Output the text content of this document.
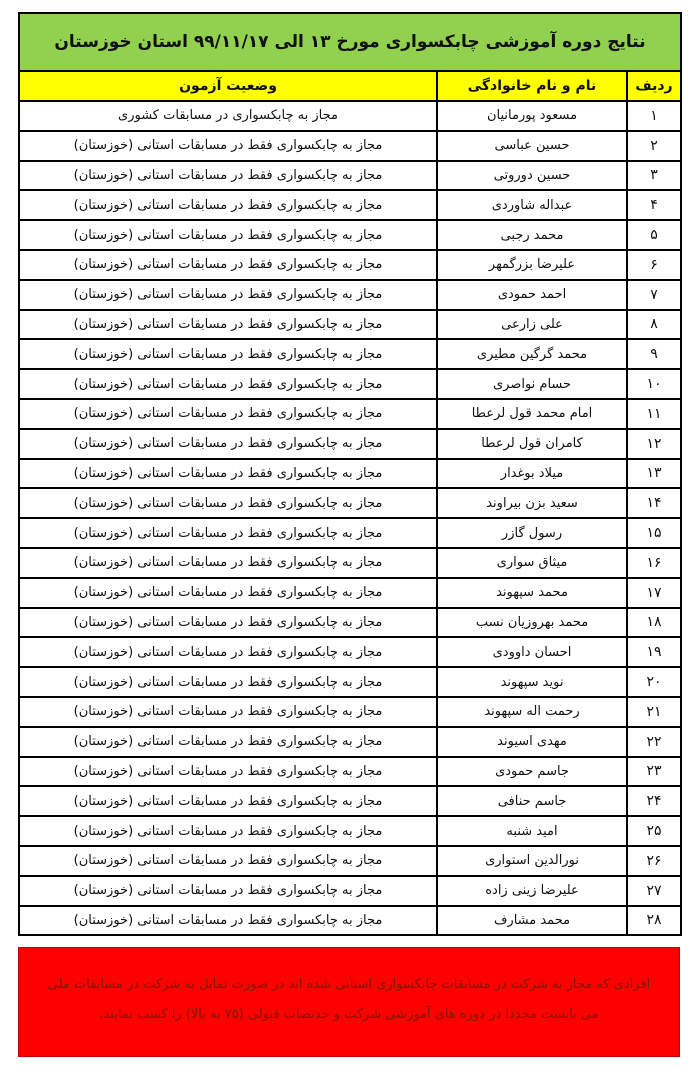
نتایج دوره آموزشی چابکسواری مورخ ۱۳ الی ۹۹/۱۱/۱۷ استان خوزستان		
ردیف	نام و نام خانوادگی	وضعیت آزمون
۱	مسعود پورمانیان	مجاز به چابکسواری در مسابقات کشوری
۲	حسین عباسی	مجاز به چابکسواری فقط در مسابقات استانی (خوزستان)
۳	حسین دوروتی	مجاز به چابکسواری فقط در مسابقات استانی (خوزستان)
۴	عبداله شاوردی	مجاز به چابکسواری فقط در مسابقات استانی (خوزستان)
۵	محمد رجبی	مجاز به چابکسواری فقط در مسابقات استانی (خوزستان)
۶	علیرضا بزرگمهر	مجاز به چابکسواری فقط در مسابقات استانی (خوزستان)
۷	احمد حمودی	مجاز به چابکسواری فقط در مسابقات استانی (خوزستان)
۸	علی زارعی	مجاز به چابکسواری فقط در مسابقات استانی (خوزستان)
۹	محمد گرگین مطیری	مجاز به چابکسواری فقط در مسابقات استانی (خوزستان)
۱۰	حسام نواصری	مجاز به چابکسواری فقط در مسابقات استانی (خوزستان)
۱۱	امام محمد قول لرعطا	مجاز به چابکسواری فقط در مسابقات استانی (خوزستان)
۱۲	کامران قول لرعطا	مجاز به چابکسواری فقط در مسابقات استانی (خوزستان)
۱۳	میلاد بوغدار	مجاز به چابکسواری فقط در مسابقات استانی (خوزستان)
۱۴	سعید بزن بیراوند	مجاز به چابکسواری فقط در مسابقات استانی (خوزستان)
۱۵	رسول گازر	مجاز به چابکسواری فقط در مسابقات استانی (خوزستان)
۱۶	میثاق سواری	مجاز به چابکسواری فقط در مسابقات استانی (خوزستان)
۱۷	محمد سپهوند	مجاز به چابکسواری فقط در مسابقات استانی (خوزستان)
۱۸	محمد بهروزیان نسب	مجاز به چابکسواری فقط در مسابقات استانی (خوزستان)
۱۹	احسان داوودی	مجاز به چابکسواری فقط در مسابقات استانی (خوزستان)
۲۰	نوید سپهوند	مجاز به چابکسواری فقط در مسابقات استانی (خوزستان)
۲۱	رحمت اله سپهوند	مجاز به چابکسواری فقط در مسابقات استانی (خوزستان)
۲۲	مهدی اسیوند	مجاز به چابکسواری فقط در مسابقات استانی (خوزستان)
۲۳	جاسم حمودی	مجاز به چابکسواری فقط در مسابقات استانی (خوزستان)
۲۴	جاسم حنافی	مجاز به چابکسواری فقط در مسابقات استانی (خوزستان)
۲۵	امید شنبه	مجاز به چابکسواری فقط در مسابقات استانی (خوزستان)
۲۶	نورالدین استواری	مجاز به چابکسواری فقط در مسابقات استانی (خوزستان)
۲۷	علیرضا زینی زاده	مجاز به چابکسواری فقط در مسابقات استانی (خوزستان)
۲۸	محمد مشارف	مجاز به چابکسواری فقط در مسابقات استانی (خوزستان)
افرادی که مجاز به شرکت در مسابقات چابکسواری استانی شده اند در صورت تمایل به شرکت در مسابقات ملی
می بایست مجددا در دوره های آموزشی شرکت و حدنصاب قبولی (۷۵ به بالا) را کسب نمایند.
